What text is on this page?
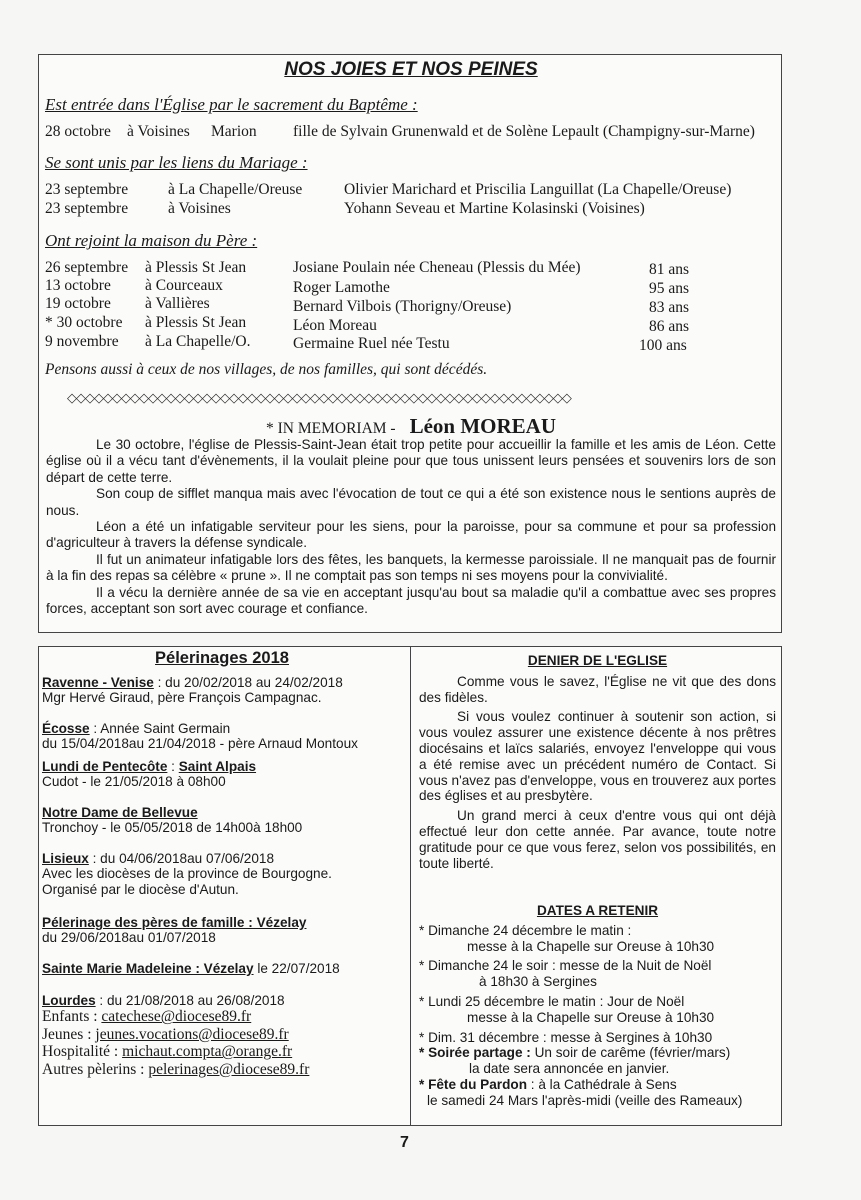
NOS JOIES ET NOS PEINES
Est entrée dans l'Église par le sacrement du Baptême :
28 octobre à Voisines Marion fille de Sylvain Grunenwald et de Solène Lepault (Champigny-sur-Marne)
Se sont unis par les liens du Mariage :
23 septembre	à La Chapelle/Oreuse	Olivier Marichard et Priscilia Languillat (La Chapelle/Oreuse)
23 septembre	à Voisines	Yohann Seveau et Martine Kolasinski (Voisines)
Ont rejoint la maison du Père :
26 septembre à Plessis St Jean	Josiane Poulain née Cheneau (Plessis du Mée)	81 ans
13 octobre à Courceaux	Roger Lamothe	95 ans
19 octobre à Vallières	Bernard Vilbois (Thorigny/Oreuse)	83 ans
* 30 octobre à Plessis St Jean	Léon Moreau	86 ans
9 novembre à La Chapelle/O.	Germaine Ruel née Testu	100 ans
Pensons aussi à ceux de nos villages, de nos familles, qui sont décédés.
◇◇◇◇◇◇◇◇◇◇◇◇◇◇◇◇◇◇◇◇◇◇◇◇◇◇◇◇◇◇◇◇◇◇◇◇◇◇◇◇◇◇◇◇◇◇◇◇◇◇◇◇◇◇◇◇
* IN MEMORIAM - Léon MOREAU

Le 30 octobre, l'église de Plessis-Saint-Jean était trop petite pour accueillir la famille et les amis de Léon. Cette église où il a vécu tant d'évènements, il la voulait pleine pour que tous unissent leurs pensées et souvenirs lors de son départ de cette terre.

Son coup de sifflet manqua mais avec l'évocation de tout ce qui a été son existence nous le sentions auprès de nous.

Léon a été un infatigable serviteur pour les siens, pour la paroisse, pour sa commune et pour sa profession d'agriculteur à travers la défense syndicale.

Il fut un animateur infatigable lors des fêtes, les banquets, la kermesse paroissiale. Il ne manquait pas de fournir à la fin des repas sa célèbre « prune ». Il ne comptait pas son temps ni ses moyens pour la convivialité.

Il a vécu la dernière année de sa vie en acceptant jusqu'au bout sa maladie qu'il a combattue avec ses propres forces, acceptant son sort avec courage et confiance.

Pélerinages 2018
Ravenne - Venise : du 20/02/2018 au 24/02/2018
Mgr Hervé Giraud, père François Campagnac.
Écosse : Année Saint Germain
du 15/04/2018au 21/04/2018 - père Arnaud Montoux
Lundi de Pentecôte : Saint Alpais
Cudot - le 21/05/2018 à 08h00
Notre Dame de Bellevue
Tronchoy - le 05/05/2018 de 14h00à 18h00
Lisieux : du 04/06/2018au 07/06/2018
Avec les diocèses de la province de Bourgogne.
Organisé par le diocèse d'Autun.
Pélerinage des pères de famille : Vézelay
du 29/06/2018au 01/07/2018
Sainte Marie Madeleine : Vézelay le 22/07/2018
Lourdes : du 21/08/2018 au 26/08/2018
Enfants : catechese@diocese89.fr
Jeunes : jeunes.vocations@diocese89.fr
Hospitalité : michaut.compta@orange.fr
Autres pèlerins : pelerinages@diocese89.fr
DENIER DE L'EGLISE

Comme vous le savez, l'Église ne vit que des dons des fidèles.

Si vous voulez continuer à soutenir son action, si vous voulez assurer une existence décente à nos prêtres diocésains et laïcs salariés, envoyez l'enveloppe qui vous a été remise avec un précédent numéro de Contact. Si vous n'avez pas d'enveloppe, vous en trouverez aux portes des églises et au presbytère.

Un grand merci à ceux d'entre vous qui ont déjà effectué leur don cette année. Par avance, toute notre gratitude pour ce que vous ferez, selon vos possibilités, en toute liberté.

DATES A RETENIR
* Dimanche 24 décembre le matin :
messe à la Chapelle sur Oreuse à 10h30
* Dimanche 24 le soir : messe de la Nuit de Noël
à 18h30 à Sergines
* Lundi 25 décembre le matin : Jour de Noël
messe à la Chapelle sur Oreuse à 10h30
* Dim. 31 décembre : messe à Sergines à 10h30
* Soirée partage : Un soir de carême (février/mars)
la date sera annoncée en janvier.
* Fête du Pardon : à la Cathédrale à Sens
le samedi 24 Mars l'après-midi (veille des Rameaux)
7
